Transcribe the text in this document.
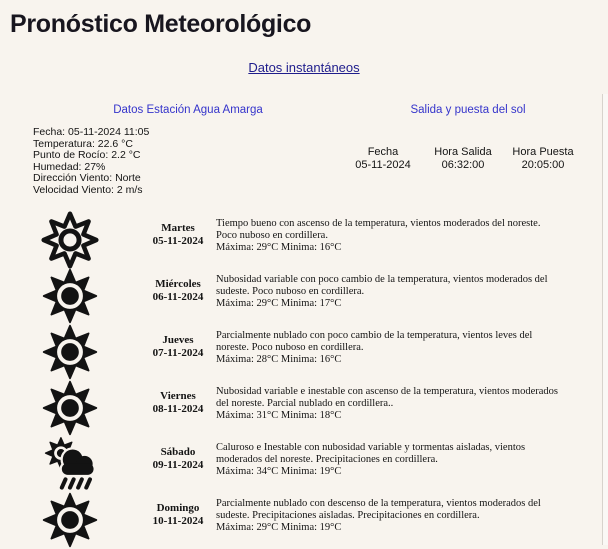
Pronóstico Meteorológico
Datos instantáneos
Datos Estación Agua Amarga	Salida y puesta del sol
Fecha: 05-11-2024 11:05
Temperatura: 22.6 °C
Punto de Rocío: 2.2 °C
Humedad: 27%
Dirección Viento: Norte
Velocidad Viento: 2 m/s
Fecha
05-11-2024
Hora Salida
06:32:00
Hora Puesta
20:05:00
Martes
05-11-2024
Tiempo bueno con ascenso de la temperatura, vientos moderados del noreste.
Poco nuboso en cordillera.
Máxima: 29°C Minima: 16°C
Miércoles
06-11-2024
Nubosidad variable con poco cambio de la temperatura, vientos moderados del
sudeste. Poco nuboso en cordillera.
Máxima: 29°C Minima: 17°C
Jueves
07-11-2024
Parcialmente nublado con poco cambio de la temperatura, vientos leves del
noreste. Poco nuboso en cordillera.
Máxima: 28°C Minima: 16°C
Viernes
08-11-2024
Nubosidad variable e inestable con ascenso de la temperatura, vientos moderados
del noreste. Parcial nublado en cordillera..
Máxima: 31°C Minima: 18°C
Sábado
09-11-2024
Caluroso e Inestable con nubosidad variable y tormentas aisladas, vientos
moderados del noreste. Precipitaciones en cordillera.
Máxima: 34°C Minima: 19°C
Domingo
10-11-2024
Parcialmente nublado con descenso de la temperatura, vientos moderados del
sudeste. Precipitaciones aisladas. Precipitaciones en cordillera.
Máxima: 29°C Minima: 19°C
